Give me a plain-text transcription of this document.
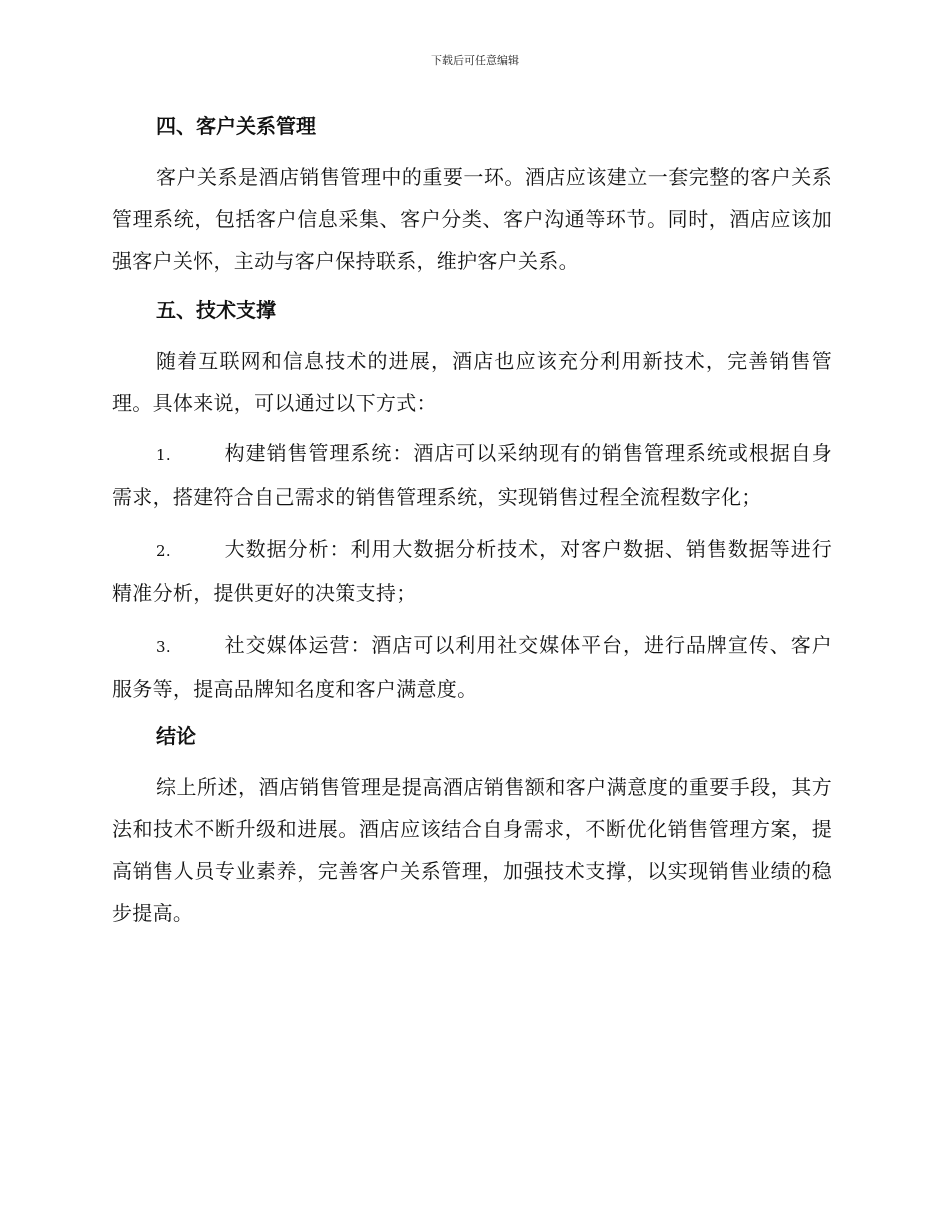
下载后可任意编辑
四、客户关系管理

客户关系是酒店销售管理中的重要一环。酒店应该建立一套完整的客户关系管理系统，包括客户信息采集、客户分类、客户沟通等环节。同时，酒店应该加强客户关怀，主动与客户保持联系，维护客户关系。

五、技术支撑

随着互联网和信息技术的进展，酒店也应该充分利用新技术，完善销售管理。具体来说，可以通过以下方式：

1.	构建销售管理系统：酒店可以采纳现有的销售管理系统或根据自身需求，搭建符合自己需求的销售管理系统，实现销售过程全流程数字化；

2.	大数据分析：利用大数据分析技术，对客户数据、销售数据等进行精准分析，提供更好的决策支持；

3.	社交媒体运营：酒店可以利用社交媒体平台，进行品牌宣传、客户服务等，提高品牌知名度和客户满意度。

结论

综上所述，酒店销售管理是提高酒店销售额和客户满意度的重要手段，其方法和技术不断升级和进展。酒店应该结合自身需求，不断优化销售管理方案，提高销售人员专业素养，完善客户关系管理，加强技术支撑，以实现销售业绩的稳步提高。
